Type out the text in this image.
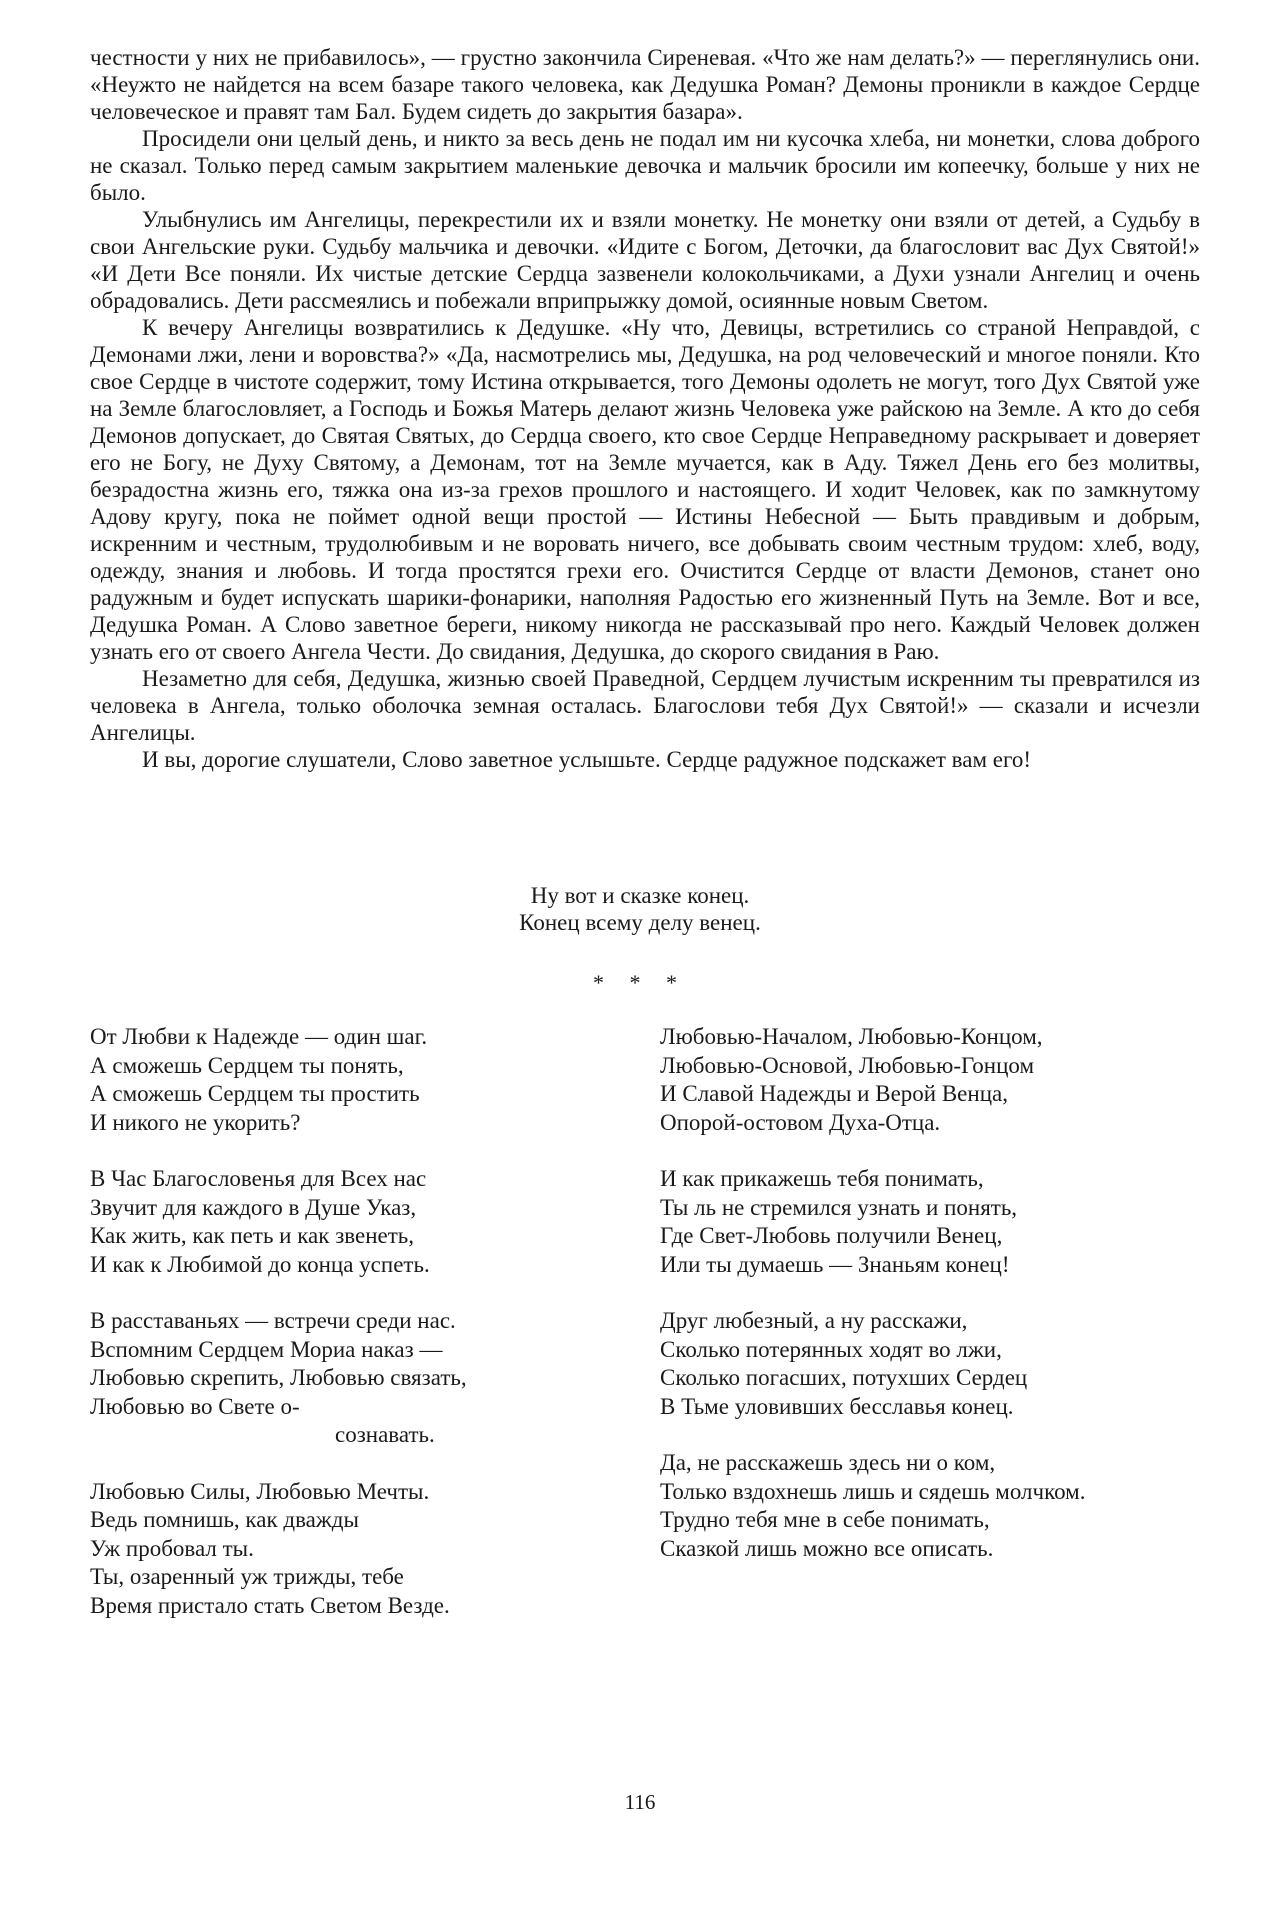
честности у них не прибавилось», — грустно закончила Сиреневая. «Что же нам делать?» — переглянулись они. «Неужто не найдется на всем базаре такого человека, как Дедушка Роман? Демоны проникли в каждое Сердце человеческое и правят там Бал. Будем сидеть до закрытия базара».

Просидели они целый день, и никто за весь день не подал им ни кусочка хлеба, ни монетки, слова доброго не сказал. Только перед самым закрытием маленькие девочка и мальчик бросили им копеечку, больше у них не было.

Улыбнулись им Ангелицы, перекрестили их и взяли монетку. Не монетку они взяли от детей, а Судьбу в свои Ангельские руки. Судьбу мальчика и девочки. «Идите с Богом, Деточки, да благословит вас Дух Святой!» «И Дети Все поняли. Их чистые детские Сердца зазвенели колокольчиками, а Духи узнали Ангелиц и очень обрадовались. Дети рассмеялись и побежали вприпрыжку домой, осиянные новым Светом.

К вечеру Ангелицы возвратились к Дедушке. «Ну что, Девицы, встретились со страной Неправдой, с Демонами лжи, лени и воровства?» «Да, насмотрелись мы, Дедушка, на род человеческий и многое поняли. Кто свое Сердце в чистоте содержит, тому Истина открывается, того Демоны одолеть не могут, того Дух Святой уже на Земле благословляет, а Господь и Божья Матерь делают жизнь Человека уже райскою на Земле. А кто до себя Демонов допускает, до Святая Святых, до Сердца своего, кто свое Сердце Неправедному раскрывает и доверяет его не Богу, не Духу Святому, а Демонам, тот на Земле мучается, как в Аду. Тяжел День его без молитвы, безрадостна жизнь его, тяжка она из-за грехов прошлого и настоящего. И ходит Человек, как по замкнутому Адову кругу, пока не поймет одной вещи простой — Истины Небесной — Быть правдивым и добрым, искренним и честным, трудолюбивым и не воровать ничего, все добывать своим честным трудом: хлеб, воду, одежду, знания и любовь. И тогда простятся грехи его. Очистится Сердце от власти Демонов, станет оно радужным и будет испускать шарики-фонарики, наполняя Радостью его жизненный Путь на Земле. Вот и все, Дедушка Роман. А Слово заветное береги, никому никогда не рассказывай про него. Каждый Человек должен узнать его от своего Ангела Чести. До свидания, Дедушка, до скорого свидания в Раю.

Незаметно для себя, Дедушка, жизнью своей Праведной, Сердцем лучистым искренним ты превратился из человека в Ангела, только оболочка земная осталась. Благослови тебя Дух Святой!» — сказали и исчезли Ангелицы.

И вы, дорогие слушатели, Слово заветное услышьте. Сердце радужное подскажет вам его!

Ну вот и сказке конец.
Конец всему делу венец.
* * *
От Любви к Надежде — один шаг.
А сможешь Сердцем ты понять,
А сможешь Сердцем ты простить
И никого не укорить?
В Час Благословенья для Всех нас
Звучит для каждого в Душе Указ,
Как жить, как петь и как звенеть,
И как к Любимой до конца успеть.
В расставаньях — встречи среди нас.
Вспомним Сердцем Мориа наказ —
Любовью скрепить, Любовью связать,
Любовью во Свете о-
сознавать.
Любовью Силы, Любовью Мечты.
Ведь помнишь, как дважды
Уж пробовал ты.
Ты, озаренный уж трижды, тебе
Время пристало стать Светом Везде.
Любовью-Началом, Любовью-Концом,
Любовью-Основой, Любовью-Гонцом
И Славой Надежды и Верой Венца,
Опорой-остовом Духа-Отца.
И как прикажешь тебя понимать,
Ты ль не стремился узнать и понять,
Где Свет-Любовь получили Венец,
Или ты думаешь — Знаньям конец!
Друг любезный, а ну расскажи,
Сколько потерянных ходят во лжи,
Сколько погасших, потухших Сердец
В Тьме уловивших бесславья конец.
Да, не расскажешь здесь ни о ком,
Только вздохнешь лишь и сядешь молчком.
Трудно тебя мне в себе понимать,
Сказкой лишь можно все описать.
116
